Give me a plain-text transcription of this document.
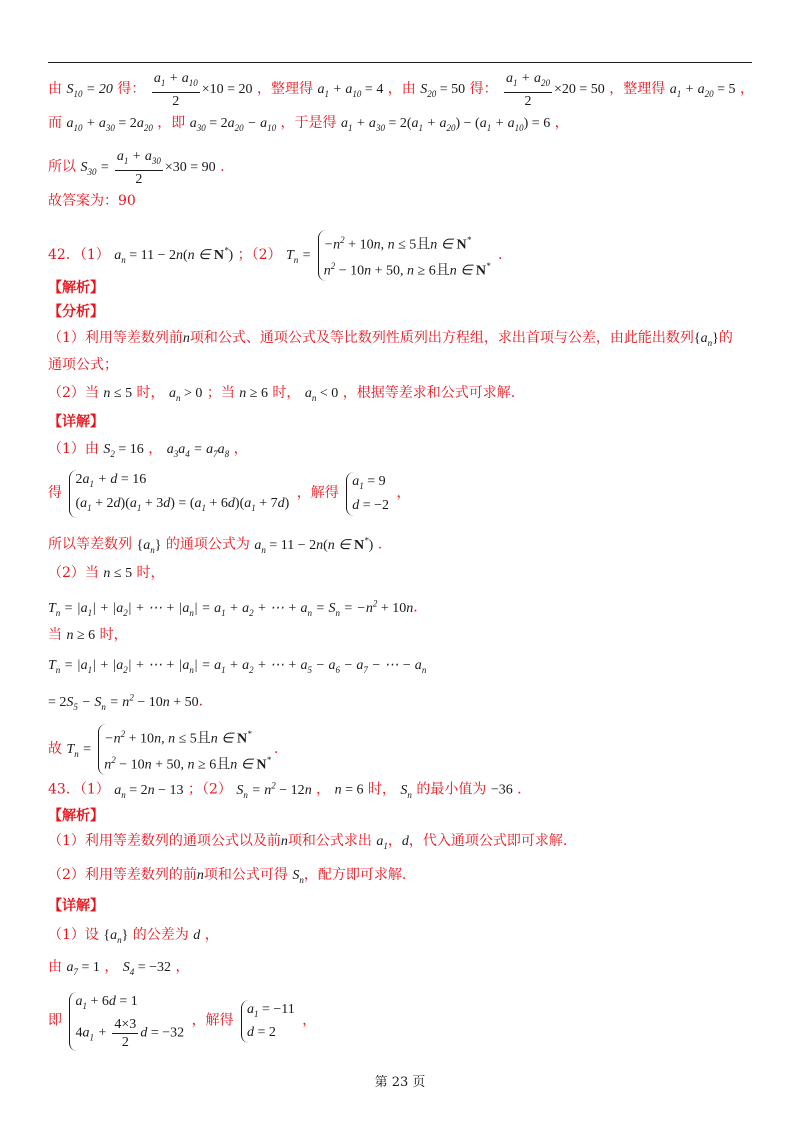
由 $S_{10} = 20$ 得： $\frac{a_1 + a_{10}}{2} \times 10 = 20$ ，整理得 $a_1 + a_{10} = 4$ ，由 $S_{20} = 50$ 得： $\frac{a_1 + a_{20}}{2} \times 20 = 50$ ，整理得 $a_1 + a_{20} = 5$ ，
而 $a_{10} + a_{30} = 2a_{20}$ ，即 $a_{30} = 2a_{20} - a_{10}$ ，于是得 $a_1 + a_{30} = 2(a_1 + a_{20}) - (a_1 + a_{10}) = 6$ ，
所以 $S_{30} = \frac{a_1 + a_{30}}{2} \times 30 = 90$ .
故答案为：90
42．（1） $a_n = 11 - 2n(n$ ∈ N*) ；（2） $T_n$ =
$-n^2 + 10n$, n ≤ 5且n ∈ N*
$n^2 - 10n + 50$, n ≥ 6且n ∈ N*
.
【解析】
【分析】
（1）利用等差数列前n项和公式、通项公式及等比数列性质列出方程组，求出首项与公差，由此能出数列$\{a_n\}$的
通项公式；
（2）当 n ≤ 5 时， $a_n > 0$ ；当 n ≥ 6 时， $a_n < 0$ ，根据等差求和公式可求解.
【详解】
（1）由 $S_2 = 16$ ， $a_3a_4 = a_7a_8$ ，
得
$2a_1 + d = 16$
$(a_1 + 2d)(a_1 + 3d) = (a_1 + 6d)(a_1 + 7d)$
，解得
$a_1 = 9$
d = −2
，
所以等差数列 $\{a_n\}$ 的通项公式为 $a_n = 11 - 2n(n$ ∈ N*) .
（2）当 n ≤ 5 时，
$T_n = |a_1| + |a_2|$ + ⋯ + $|a_n| = a_1 + a_2$ + ⋯ + $a_n = S_n = -n^2 + 10n$.
当 n ≥ 6 时，
$T_n = |a_1| + |a_2|$ + ⋯ + $|a_n| = a_1 + a_2$ + ⋯ + $a_5 - a_6 - a_7$ − ⋯ − $a_n$
= $2S_5 - S_n = n^2 - 10n + 50$.
故 $T_n$ =
$-n^2 + 10n$, n ≤ 5且n ∈ N*
$n^2 - 10n + 50$, n ≥ 6且n ∈ N*
.
43．（1） $a_n = 2n - 13$ ；（2） $S_n = n^2 - 12n$ ， n = 6 时， $S_n$ 的最小值为 −36 .
【解析】
（1）利用等差数列的通项公式以及前n项和公式求出 $a_1$，d，代入通项公式即可求解.
（2）利用等差数列的前n项和公式可得 $S_n$，配方即可求解.
【详解】
（1）设 $\{a_n\}$ 的公差为 d ，
由 $a_7 = 1$ ， $S_4 = -32$ ，
即
$a_1 + 6d = 1$
$4a_1 + \frac{4\times 3}{2}$ d = −32
，解得
$a_1 = -11$
d = 2
，
第 23 页
